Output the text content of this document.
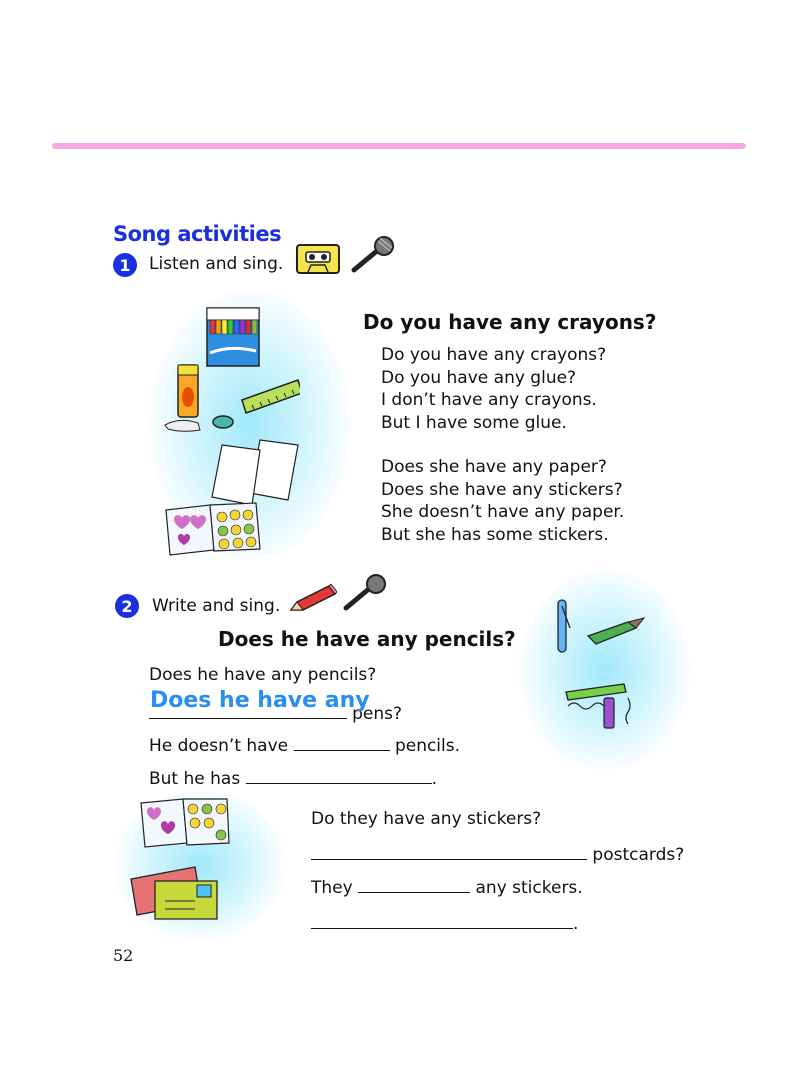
Song activities
1	Listen and sing.
Do you have any crayons?
Do you have any crayons?
Do you have any glue?
I don’t have any crayons.
But I have some glue.
Does she have any paper?
Does she have any stickers?
She doesn’t have any paper.
But she has some stickers.
2	Write and sing.
Does he have any pencils?
Does he have any pencils?
Does he have any
pens?
He doesn’t have	pencils.
But he has	.
Do they have any stickers?
postcards?
They	any stickers.
.
52
